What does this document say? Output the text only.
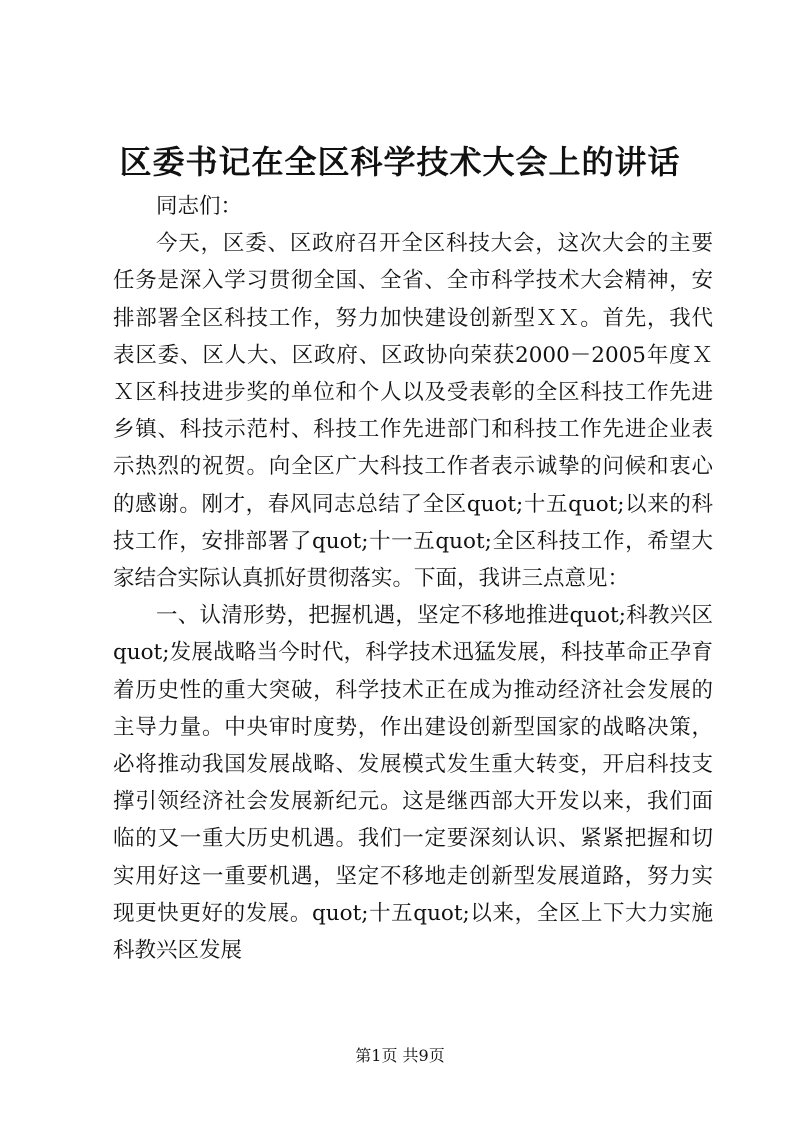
区委书记在全区科学技术大会上的讲话

同志们：

今天，区委、区政府召开全区科技大会，这次大会的主要任务是深入学习贯彻全国、全省、全市科学技术大会精神，安排部署全区科技工作，努力加快建设创新型ＸＸ。首先，我代表区委、区人大、区政府、区政协向荣获2000－2005年度ＸＸ区科技进步奖的单位和个人以及受表彰的全区科技工作先进乡镇、科技示范村、科技工作先进部门和科技工作先进企业表示热烈的祝贺。向全区广大科技工作者表示诚挚的问候和衷心的感谢。刚才，春风同志总结了全区quot;十五quot;以来的科技工作，安排部署了quot;十一五quot;全区科技工作，希望大家结合实际认真抓好贯彻落实。下面，我讲三点意见：

一、认清形势，把握机遇，坚定不移地推进quot;科教兴区quot;发展战略当今时代，科学技术迅猛发展，科技革命正孕育着历史性的重大突破，科学技术正在成为推动经济社会发展的主导力量。中央审时度势，作出建设创新型国家的战略决策，必将推动我国发展战略、发展模式发生重大转变，开启科技支撑引领经济社会发展新纪元。这是继西部大开发以来，我们面临的又一重大历史机遇。我们一定要深刻认识、紧紧把握和切实用好这一重要机遇，坚定不移地走创新型发展道路，努力实现更快更好的发展。quot;十五quot;以来，全区上下大力实施科教兴区发展

第1页 共9页
